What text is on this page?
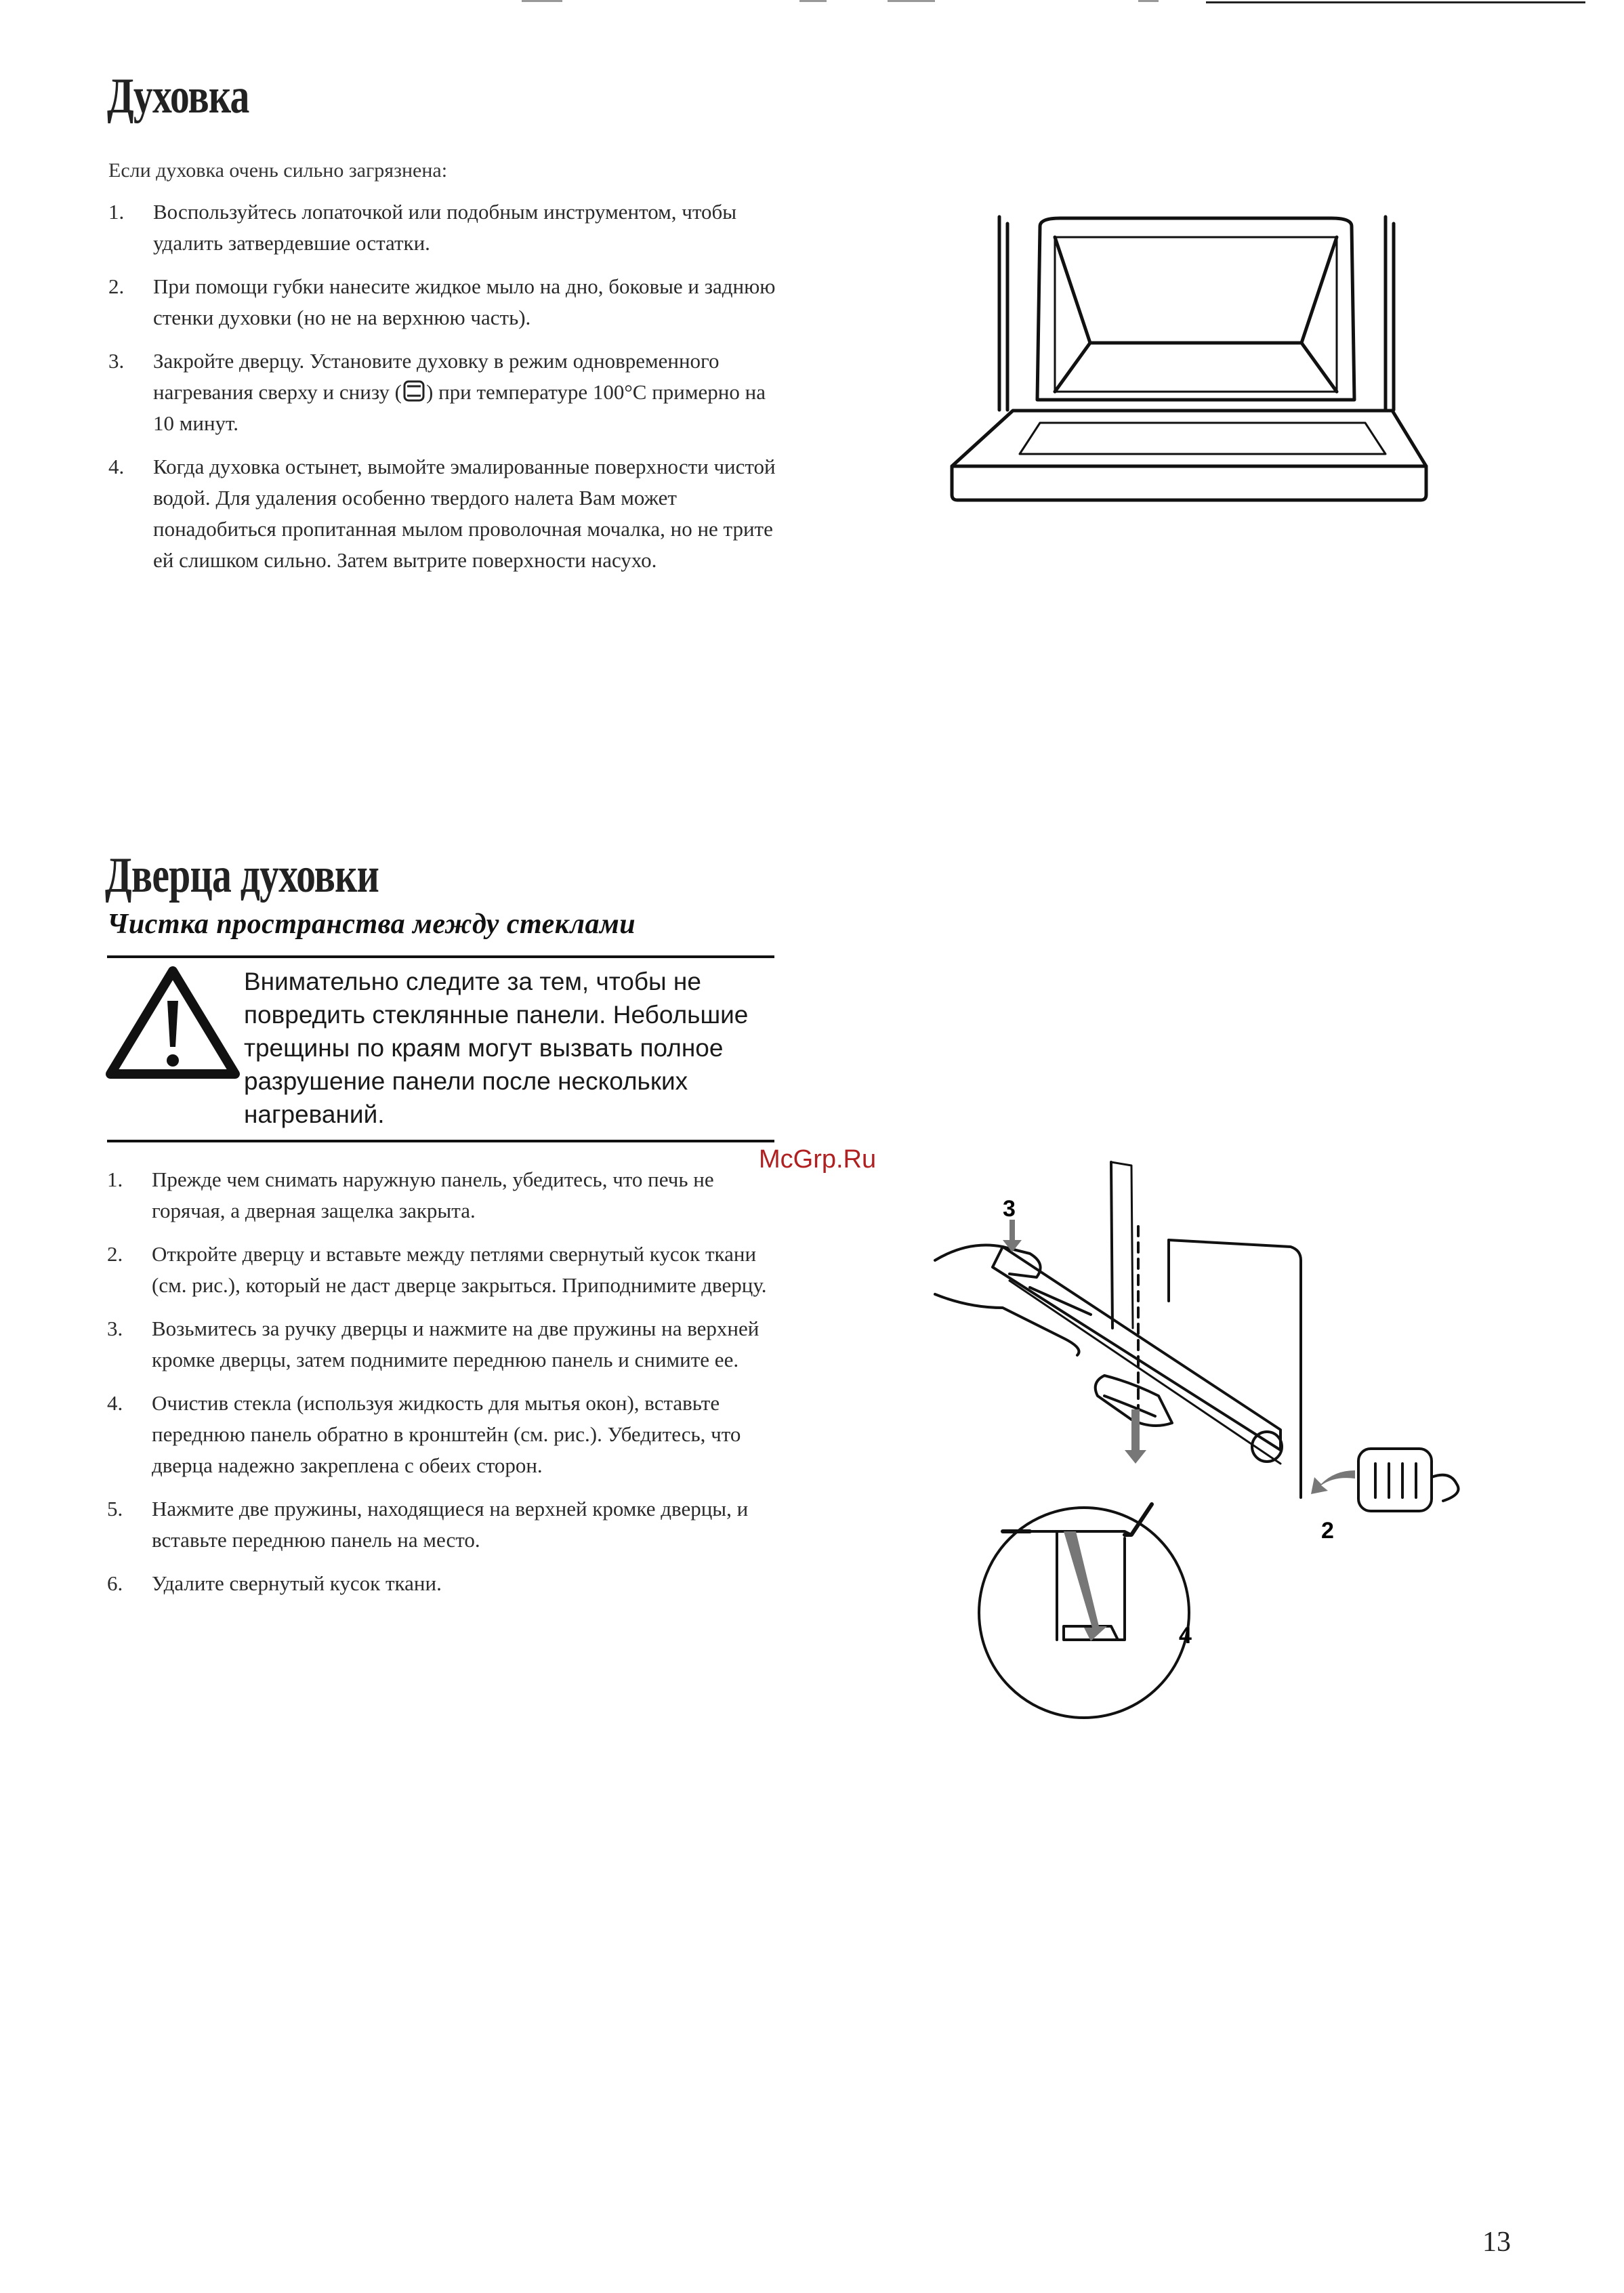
Духовка
Если духовка очень сильно загрязнена:
1. Воспользуйтесь лопаточкой или подобным инструментом, чтобы удалить затвердевшие остатки.
2. При помощи губки нанесите жидкое мыло на дно, боковые и заднюю стенки духовки (но не на верхнюю часть).
3. Закройте дверцу. Установите духовку в режим одновременного нагревания сверху и снизу ( ) при температуре 100°С примерно на 10 минут.
4. Когда духовка остынет, вымойте эмалированные поверхности чистой водой. Для удаления особенно твердого налета Вам может понадобиться пропитанная мылом проволочная мочалка, но не трите ей слишком сильно. Затем вытрите поверхности насухо.
Дверца духовки
Чистка пространства между стеклами
Внимательно следите за тем, чтобы не повредить стеклянные панели. Небольшие трещины по краям могут вызвать полное разрушение панели после нескольких нагреваний.
McGrp.Ru
1. Прежде чем снимать наружную панель, убедитесь, что печь не горячая, а дверная защелка закрыта.
2. Откройте дверцу и вставьте между петлями свернутый кусок ткани (см. рис.), который не даст дверце закрыться. Приподнимите дверцу.
3. Возьмитесь за ручку дверцы и нажмите на две пружины на верхней кромке дверцы, затем поднимите переднюю панель и снимите ее.
4. Очистив стекла (используя жидкость для мытья окон), вставьте переднюю панель обратно в кронштейн (см. рис.). Убедитесь, что дверца надежно закреплена с обеих сторон.
5. Нажмите две пружины, находящиеся на верхней кромке дверцы, и вставьте переднюю панель на место.
6. Удалите свернутый кусок ткани.
3
2
4
13
